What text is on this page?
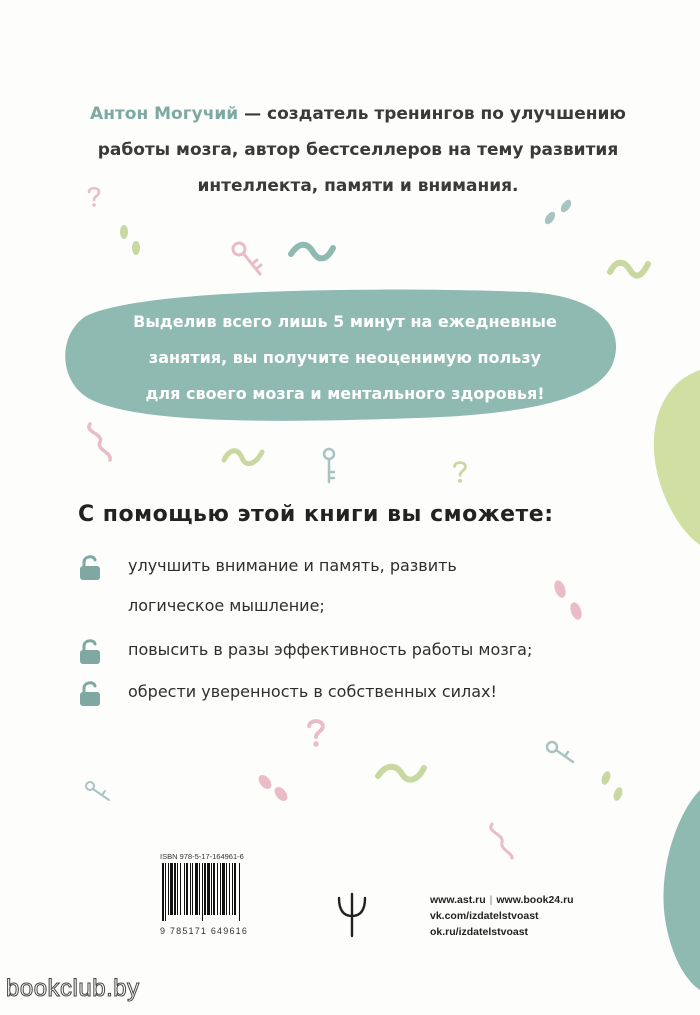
Антон Могучий — создатель тренингов по улучшению
работы мозга, автор бестселлеров на тему развития
интеллекта, памяти и внимания.
Выделив всего лишь 5 минут на ежедневные
занятия, вы получите неоценимую пользу
для своего мозга и ментального здоровья!
С помощью этой книги вы сможете:
улучшить внимание и память, развить
логическое мышление;
повысить в разы эффективность работы мозга;
обрести уверенность в собственных силах!
ISBN 978-5-17-164961-6
9 785171 649616
www.ast.ru | www.book24.ru
vk.com/izdatelstvoast
ok.ru/izdatelstvoast
bookclub.by
